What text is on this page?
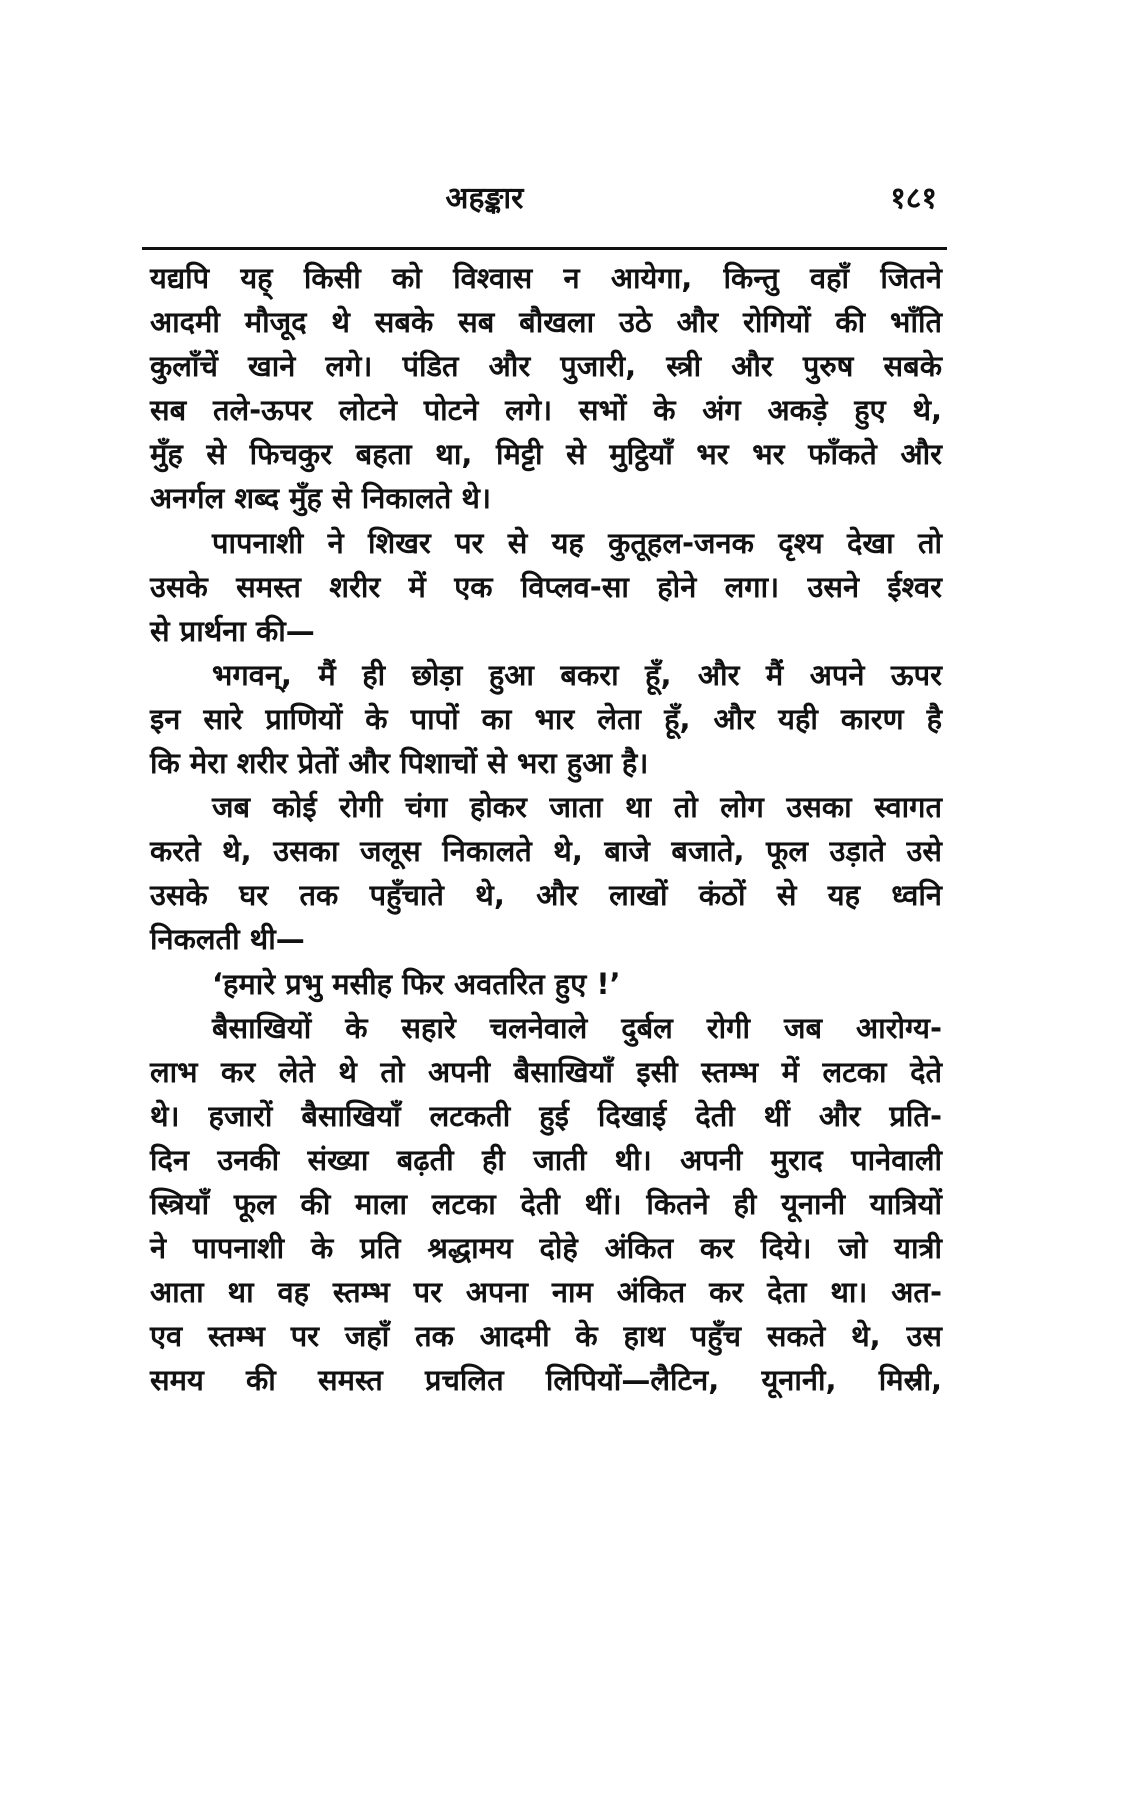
अहङ्कार	१८१
यद्यपि यह् किसी को विश्वास न आयेगा, किन्तु वहाँ जितने
आदमी मौजूद थे सबके सब बौखला उठे और रोगियों की भाँति
कुलाँचें खाने लगे। पंडित और पुजारी, स्त्री और पुरुष सबके
सब तले-ऊपर लोटने पोटने लगे। सभों के अंग अकड़े हुए थे,
मुँह से फिचकुर बहता था, मिट्टी से मुट्ठियाँ भर भर फाँकते और
अनर्गल शब्द मुँह से निकालते थे।
पापनाशी ने शिखर पर से यह कुतूहल-जनक दृश्य देखा तो
उसके समस्त शरीर में एक विप्लव-सा होने लगा। उसने ईश्वर
से प्रार्थना की—
भगवन्, मैं ही छोड़ा हुआ बकरा हूँ, और मैं अपने ऊपर
इन सारे प्राणियों के पापों का भार लेता हूँ, और यही कारण है
कि मेरा शरीर प्रेतों और पिशाचों से भरा हुआ है।
जब कोई रोगी चंगा होकर जाता था तो लोग उसका स्वागत
करते थे, उसका जलूस निकालते थे, बाजे बजाते, फूल उड़ाते उसे
उसके घर तक पहुँचाते थे, और लाखों कंठों से यह ध्वनि
निकलती थी—
‘हमारे प्रभु मसीह फिर अवतरित हुए !’
बैसाखियों के सहारे चलनेवाले दुर्बल रोगी जब आरोग्य-
लाभ कर लेते थे तो अपनी बैसाखियाँ इसी स्तम्भ में लटका देते
थे। हजारों बैसाखियाँ लटकती हुई दिखाई देती थीं और प्रति-
दिन उनकी संख्या बढ़ती ही जाती थी। अपनी मुराद पानेवाली
स्त्रियाँ फूल की माला लटका देती थीं। कितने ही यूनानी यात्रियों
ने पापनाशी के प्रति श्रद्धामय दोहे अंकित कर दिये। जो यात्री
आता था वह स्तम्भ पर अपना नाम अंकित कर देता था। अत-
एव स्तम्भ पर जहाँ तक आदमी के हाथ पहुँच सकते थे, उस
समय की समस्त प्रचलित लिपियों—लैटिन, यूनानी, मिस्री,
